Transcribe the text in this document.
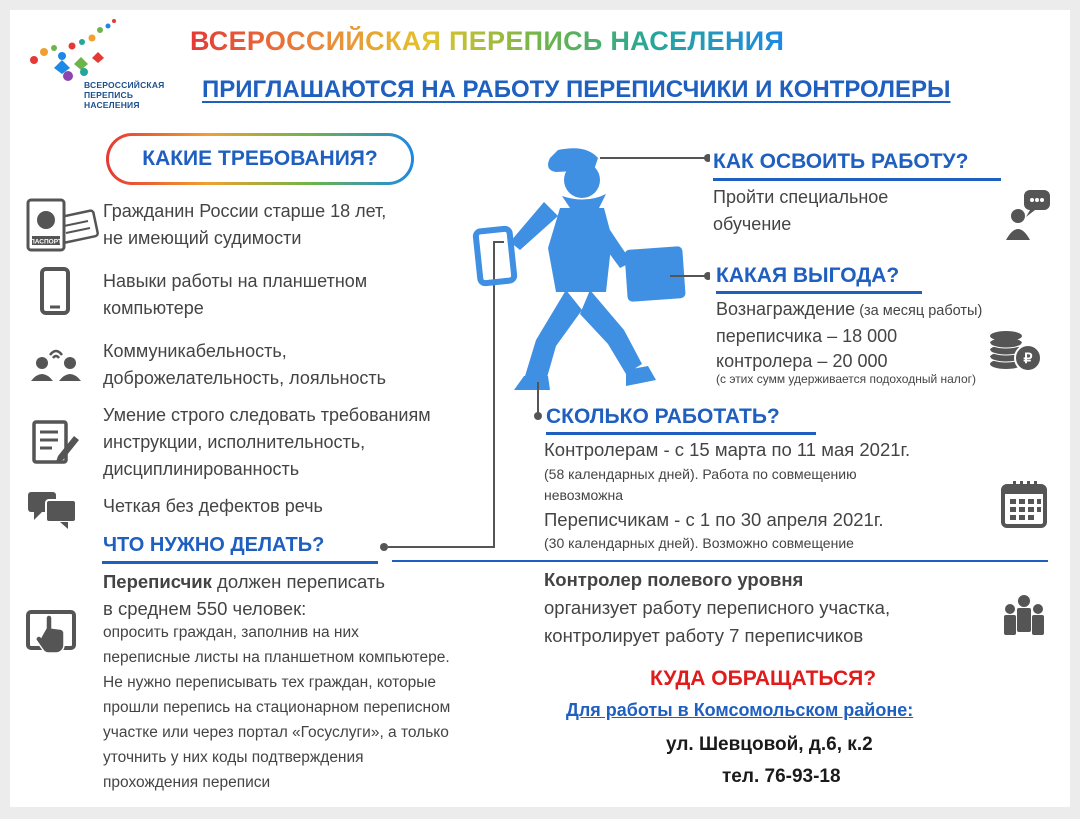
ВСЕРОССИЙСКАЯ
ПЕРЕПИСЬ
НАСЕЛЕНИЯ
ВСЕРОССИЙСКАЯ ПЕРЕПИСЬ НАСЕЛЕНИЯ
ПРИГЛАШАЮТСЯ НА РАБОТУ ПЕРЕПИСЧИКИ И КОНТРОЛЕРЫ
КАКИЕ ТРЕБОВАНИЯ?
ПАСПОРТ
Гражданин России старше 18 лет,
не имеющий судимости
Навыки работы на планшетном
компьютере
Коммуникабельность,
доброжелательность, лояльность
Умение строго следовать требованиям
инструкции, исполнительность,
дисциплинированность
Четкая без дефектов речь
ЧТО НУЖНО ДЕЛАТЬ?
Переписчик должен переписать
в среднем 550 человек:
опросить граждан, заполнив на них
переписные листы на планшетном компьютере.
Не нужно переписывать тех граждан, которые
прошли перепись на стационарном переписном
участке или через портал «Госуслуги», а только
уточнить у них коды подтверждения
прохождения переписи
КАК ОСВОИТЬ РАБОТУ?
Пройти специальное
обучение
КАКАЯ ВЫГОДА?
Вознаграждение (за месяц работы)
переписчика – 18 000
контролера – 20 000
(с этих сумм удерживается подоходный налог)
₽
СКОЛЬКО РАБОТАТЬ?
Контролерам - с 15 марта по 11 мая 2021г.
(58 календарных дней). Работа по совмещению
невозможна
Переписчикам - с 1 по 30 апреля 2021г.
(30 календарных дней). Возможно совмещение
Контролер полевого уровня
организует работу переписного участка,
контролирует работу 7 переписчиков
КУДА ОБРАЩАТЬСЯ?
Для работы в Комсомольском районе:
ул. Шевцовой, д.6, к.2
тел. 76-93-18
